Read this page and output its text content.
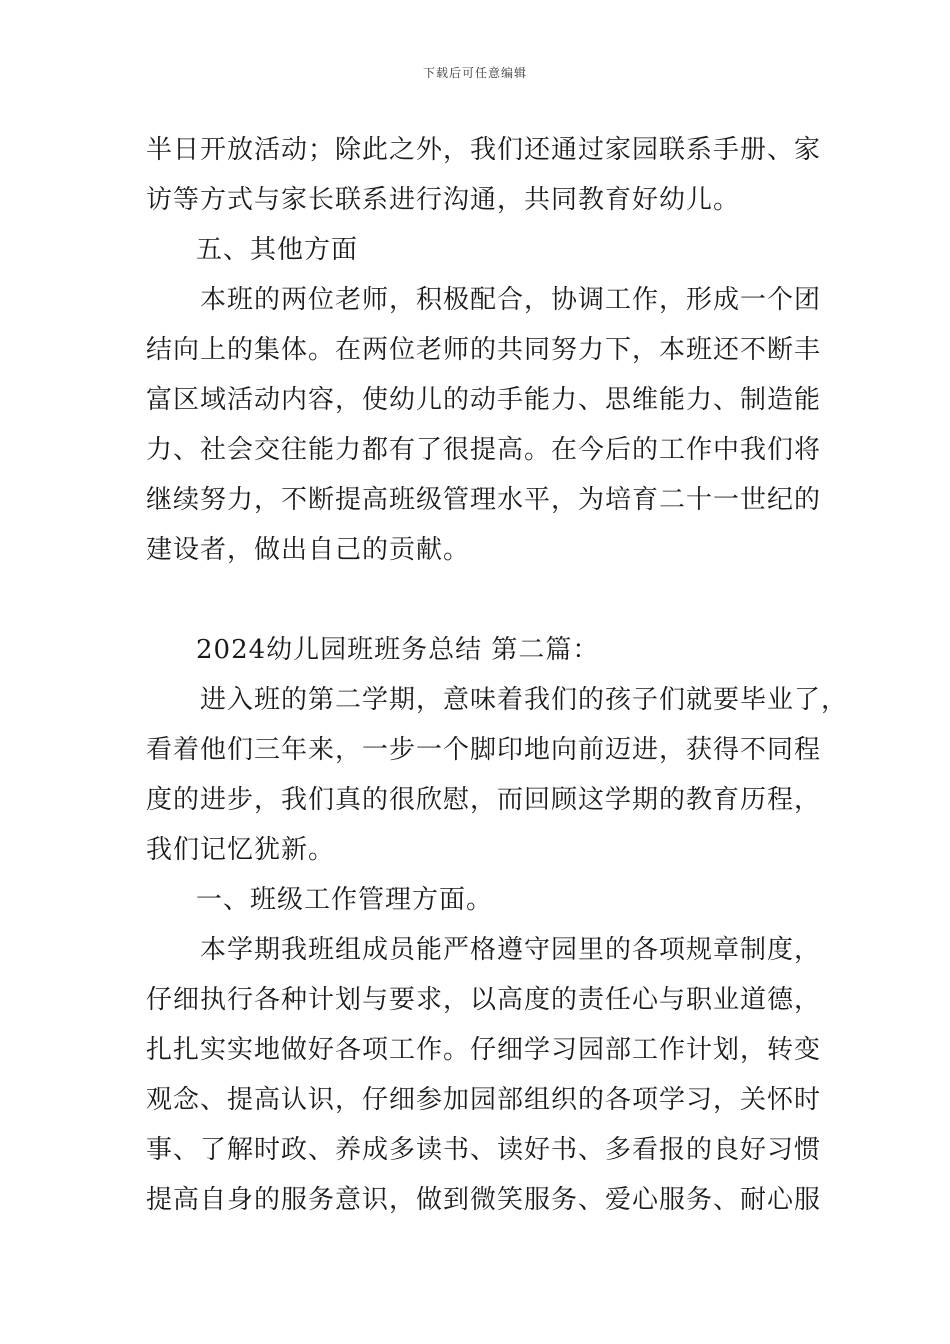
下载后可任意编辑
半日开放活动；除此之外，我们还通过家园联系手册、家
访等方式与家长联系进行沟通，共同教育好幼儿。
五、其他方面
本班的两位老师，积极配合，协调工作，形成一个团
结向上的集体。在两位老师的共同努力下，本班还不断丰
富区域活动内容，使幼儿的动手能力、思维能力、制造能
力、社会交往能力都有了很提高。在今后的工作中我们将
继续努力，不断提高班级管理水平，为培育二十一世纪的
建设者，做出自己的贡献。
2024幼儿园班班务总结 第二篇：
进入班的第二学期，意味着我们的孩子们就要毕业了，
看着他们三年来，一步一个脚印地向前迈进，获得不同程
度的进步，我们真的很欣慰，而回顾这学期的教育历程，
我们记忆犹新。
一、班级工作管理方面。
本学期我班组成员能严格遵守园里的各项规章制度，
仔细执行各种计划与要求，以高度的责任心与职业道德，
扎扎实实地做好各项工作。仔细学习园部工作计划，转变
观念、提高认识，仔细参加园部组织的各项学习，关怀时
事、了解时政、养成多读书、读好书、多看报的良好习惯
提高自身的服务意识，做到微笑服务、爱心服务、耐心服
